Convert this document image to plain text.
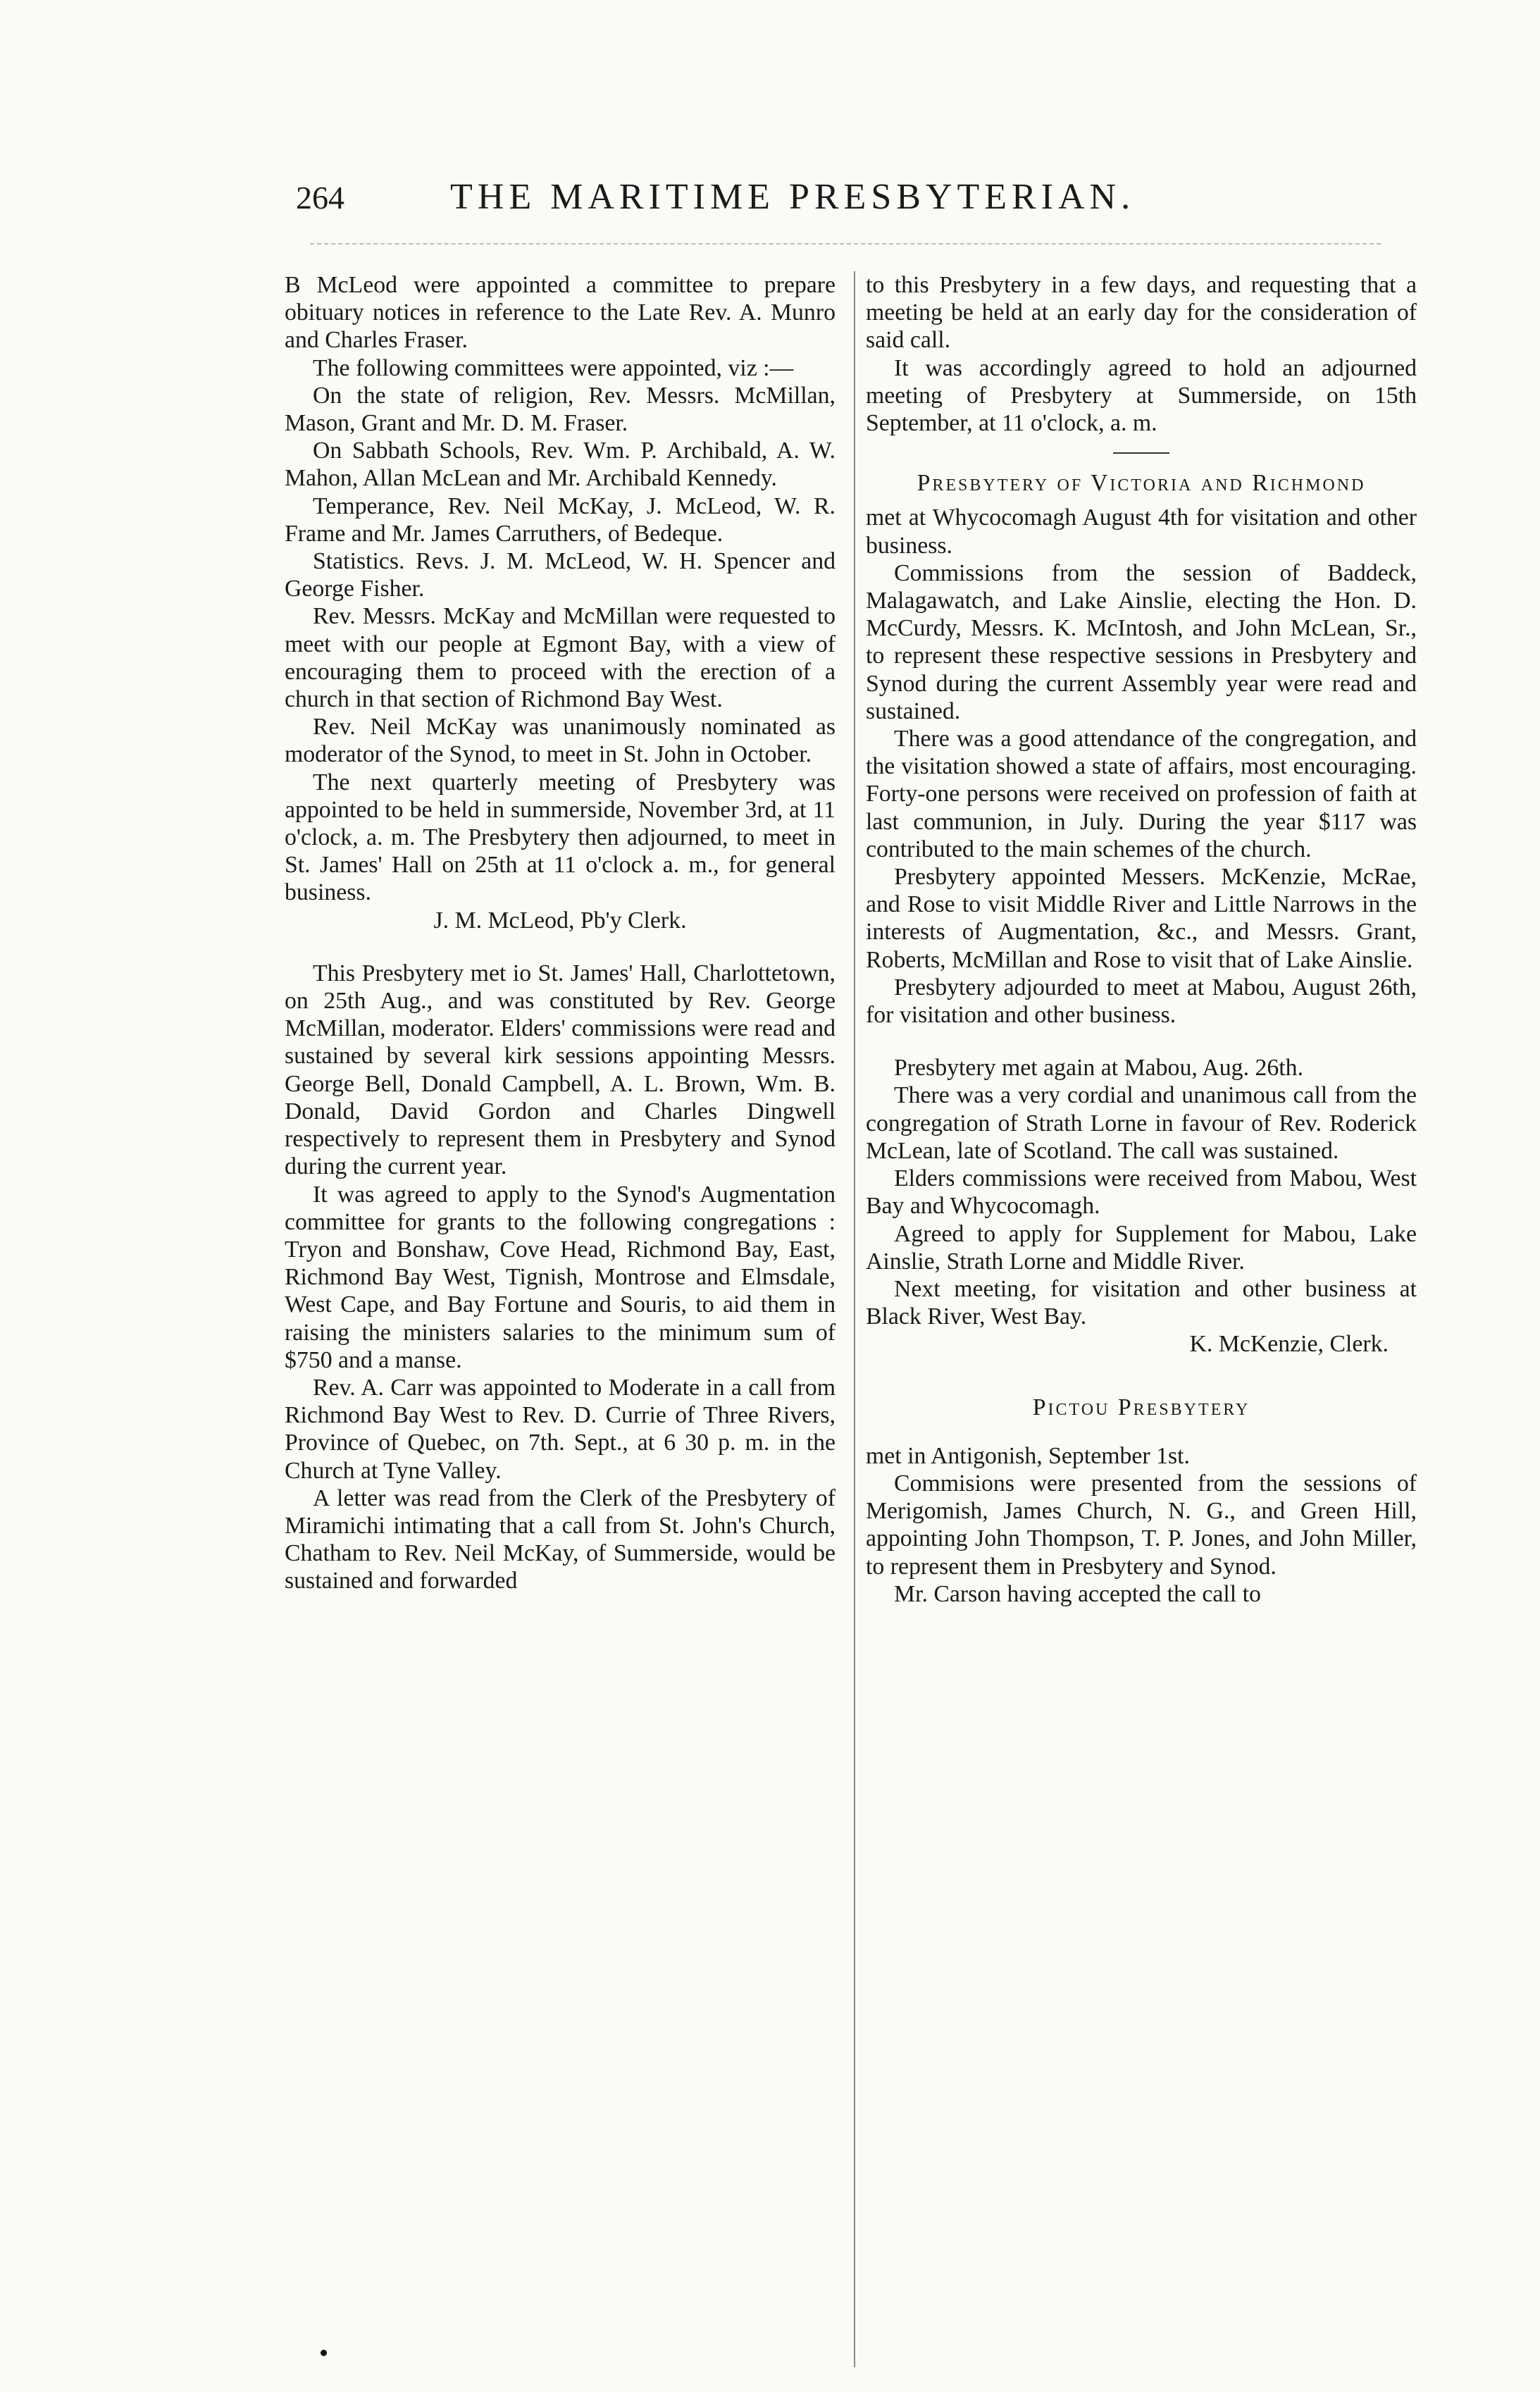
264	THE MARITIME PRESBYTERIAN.

B McLeod were appointed a committee to prepare obituary notices in reference to the Late Rev. A. Munro and Charles Fraser.

The following committees were appointed, viz :—

On the state of religion, Rev. Messrs. McMillan, Mason, Grant and Mr. D. M. Fraser.

On Sabbath Schools, Rev. Wm. P. Archibald, A. W. Mahon, Allan McLean and Mr. Archibald Kennedy.

Temperance, Rev. Neil McKay, J. McLeod, W. R. Frame and Mr. James Carruthers, of Bedeque.

Statistics. Revs. J. M. McLeod, W. H. Spencer and George Fisher.

Rev. Messrs. McKay and McMillan were requested to meet with our people at Egmont Bay, with a view of encouraging them to proceed with the erection of a church in that section of Richmond Bay West.

Rev. Neil McKay was unanimously nominated as moderator of the Synod, to meet in St. John in October.

The next quarterly meeting of Presbytery was appointed to be held in summerside, November 3rd, at 11 o'clock, a. m. The Presbytery then adjourned, to meet in St. James' Hall on 25th at 11 o'clock a. m., for general business.

J. M. McLeod, Pb'y Clerk.

This Presbytery met io St. James' Hall, Charlottetown, on 25th Aug., and was constituted by Rev. George McMillan, moderator. Elders' commissions were read and sustained by several kirk sessions appointing Messrs. George Bell, Donald Campbell, A. L. Brown, Wm. B. Donald, David Gordon and Charles Dingwell respectively to represent them in Presbytery and Synod during the current year.

It was agreed to apply to the Synod's Augmentation committee for grants to the following congregations : Tryon and Bonshaw, Cove Head, Richmond Bay, East, Richmond Bay West, Tignish, Montrose and Elmsdale, West Cape, and Bay Fortune and Souris, to aid them in raising the ministers salaries to the minimum sum of $750 and a manse.

Rev. A. Carr was appointed to Moderate in a call from Richmond Bay West to Rev. D. Currie of Three Rivers, Province of Quebec, on 7th. Sept., at 6 30 p. m. in the Church at Tyne Valley.

A letter was read from the Clerk of the Presbytery of Miramichi intimating that a call from St. John's Church, Chatham to Rev. Neil McKay, of Summerside, would be sustained and forwarded

to this Presbytery in a few days, and requesting that a meeting be held at an early day for the consideration of said call.

It was accordingly agreed to hold an adjourned meeting of Presbytery at Summerside, on 15th September, at 11 o'clock, a. m.

Presbytery of Victoria and Richmond

met at Whycocomagh August 4th for visitation and other business.

Commissions from the session of Baddeck, Malagawatch, and Lake Ainslie, electing the Hon. D. McCurdy, Messrs. K. McIntosh, and John McLean, Sr., to represent these respective sessions in Presbytery and Synod during the current Assembly year were read and sustained.

There was a good attendance of the congregation, and the visitation showed a state of affairs, most encouraging. Forty-one persons were received on profession of faith at last communion, in July. During the year $117 was contributed to the main schemes of the church.

Presbytery appointed Messers. McKenzie, McRae, and Rose to visit Middle River and Little Narrows in the interests of Augmentation, &c., and Messrs. Grant, Roberts, McMillan and Rose to visit that of Lake Ainslie.

Presbytery adjourded to meet at Mabou, August 26th, for visitation and other business.

Presbytery met again at Mabou, Aug. 26th.

There was a very cordial and unanimous call from the congregation of Strath Lorne in favour of Rev. Roderick McLean, late of Scotland. The call was sustained.

Elders commissions were received from Mabou, West Bay and Whycocomagh.

Agreed to apply for Supplement for Mabou, Lake Ainslie, Strath Lorne and Middle River.

Next meeting, for visitation and other business at Black River, West Bay.

K. McKenzie, Clerk.

Pictou Presbytery

met in Antigonish, September 1st.

Commisions were presented from the sessions of Merigomish, James Church, N. G., and Green Hill, appointing John Thompson, T. P. Jones, and John Miller, to represent them in Presbytery and Synod.

Mr. Carson having accepted the call to
